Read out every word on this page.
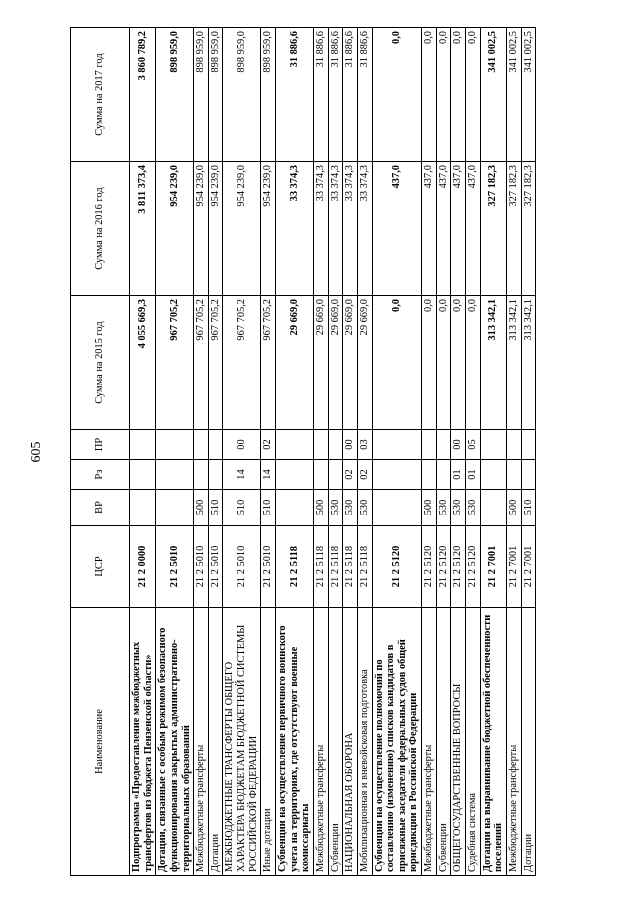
605
Наименование	ЦСР	ВР	Рз	ПР	Сумма на 2015 год	Сумма на 2016 год	Сумма на 2017 год
Подпрограмма «Предоставление межбюджетных трансфертов из бюджета Пензенской области»	21 2 0000				4 055 669,3	3 811 373,4	3 860 789,2
Дотации, связанные с особым режимом безопасного функционирования закрытых административно-территориальных образований	21 2 5010				967 705,2	954 239,0	898 959,0
Межбюджетные трансферты	21 2 5010	500			967 705,2	954 239,0	898 959,0
Дотации	21 2 5010	510			967 705,2	954 239,0	898 959,0
МЕЖБЮДЖЕТНЫЕ ТРАНСФЕРТЫ ОБЩЕГО ХАРАКТЕРА БЮДЖЕТАМ БЮДЖЕТНОЙ СИСТЕМЫ РОССИЙСКОЙ ФЕДЕРАЦИИ	21 2 5010	510	14	00	967 705,2	954 239,0	898 959,0
Иные дотации	21 2 5010	510	14	02	967 705,2	954 239,0	898 959,0
Субвенции на осуществление первичного воинского учета на территориях, где отсутствуют военные комиссариаты	21 2 5118				29 669,0	33 374,3	31 886,6
Межбюджетные трансферты	21 2 5118	500			29 669,0	33 374,3	31 886,6
Субвенции	21 2 5118	530			29 669,0	33 374,3	31 886,6
НАЦИОНАЛЬНАЯ ОБОРОНА	21 2 5118	530	02	00	29 669,0	33 374,3	31 886,6
Мобилизационная и вневойсковая подготовка	21 2 5118	530	02	03	29 669,0	33 374,3	31 886,6
Субвенции на осуществление полномочий по составлению (изменению) списков кандидатов в присяжные заседатели федеральных судов общей юрисдикции в Российской Федерации	21 2 5120				0,0	437,0	0,0
Межбюджетные трансферты	21 2 5120	500			0,0	437,0	0,0
Субвенции	21 2 5120	530			0,0	437,0	0,0
ОБЩЕГОСУДАРСТВЕННЫЕ ВОПРОСЫ	21 2 5120	530	01	00	0,0	437,0	0,0
Судебная система	21 2 5120	530	01	05	0,0	437,0	0,0
Дотации на выравнивание бюджетной обеспеченности поселений	21 2 7001				313 342,1	327 182,3	341 002,5
Межбюджетные трансферты	21 2 7001	500			313 342,1	327 182,3	341 002,5
Дотации	21 2 7001	510			313 342,1	327 182,3	341 002,5
